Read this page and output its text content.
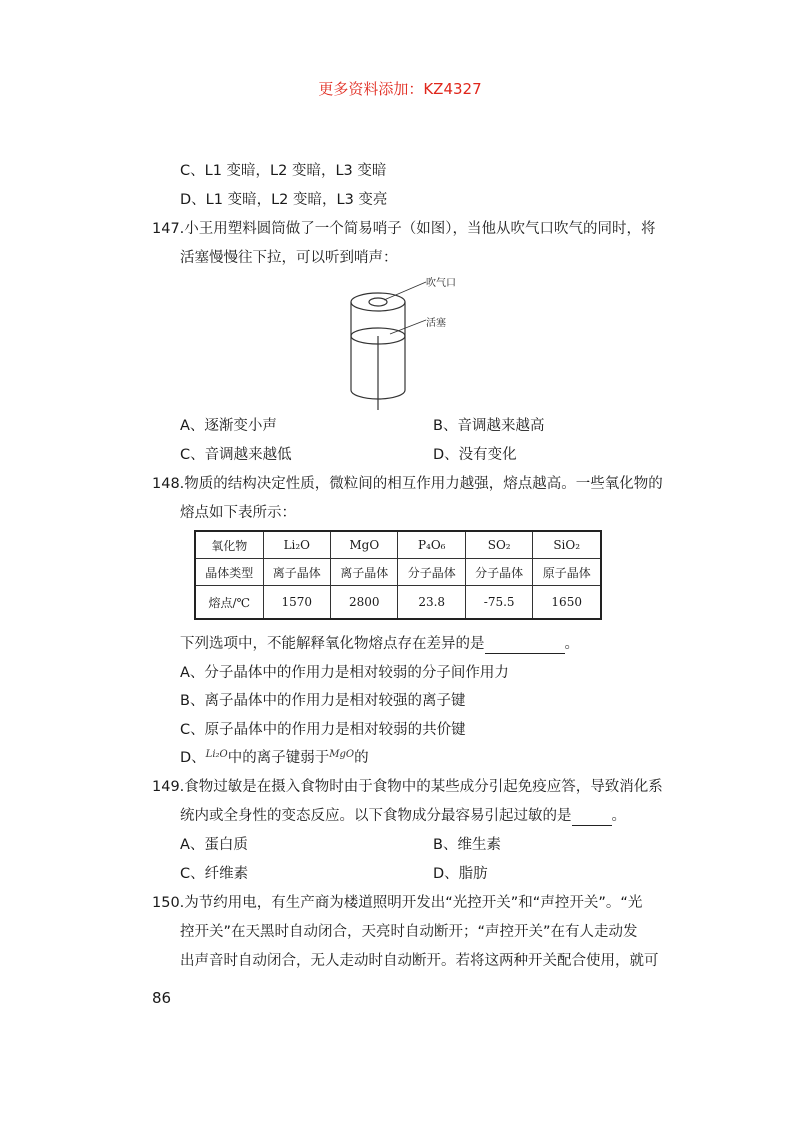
更多资料添加：KZ4327
C、L1 变暗，L2 变暗，L3 变暗
D、L1 变暗，L2 变暗，L3 变亮
147.小王用塑料圆筒做了一个简易哨子（如图），当他从吹气口吹气的同时，将
活塞慢慢往下拉，可以听到哨声：
吹气口
活塞
A、逐渐变小声	B、音调越来越高
C、音调越来越低	D、没有变化
148.物质的结构决定性质，微粒间的相互作用力越强，熔点越高。一些氧化物的
熔点如下表所示：
氧化物	Li₂O	MgO	P₄O₆	SO₂	SiO₂
晶体类型	离子晶体	离子晶体	分子晶体	分子晶体	原子晶体
熔点/℃	1570	2800	23.8	-75.5	1650
下列选项中，不能解释氧化物熔点存在差异的是	。
A、分子晶体中的作用力是相对较弱的分子间作用力
B、离子晶体中的作用力是相对较强的离子键
C、原子晶体中的作用力是相对较弱的共价键
D、$^{Li_2O}$中的离子键弱于$^{MgO}$的
149.食物过敏是在摄入食物时由于食物中的某些成分引起免疫应答，导致消化系
统内或全身性的变态反应。以下食物成分最容易引起过敏的是	。
A、蛋白质	B、维生素
C、纤维素	D、脂肪
150.为节约用电，有生产商为楼道照明开发出“光控开关”和“声控开关”。“光
控开关”在天黑时自动闭合，天亮时自动断开；“声控开关”在有人走动发
出声音时自动闭合，无人走动时自动断开。若将这两种开关配合使用，就可
86
